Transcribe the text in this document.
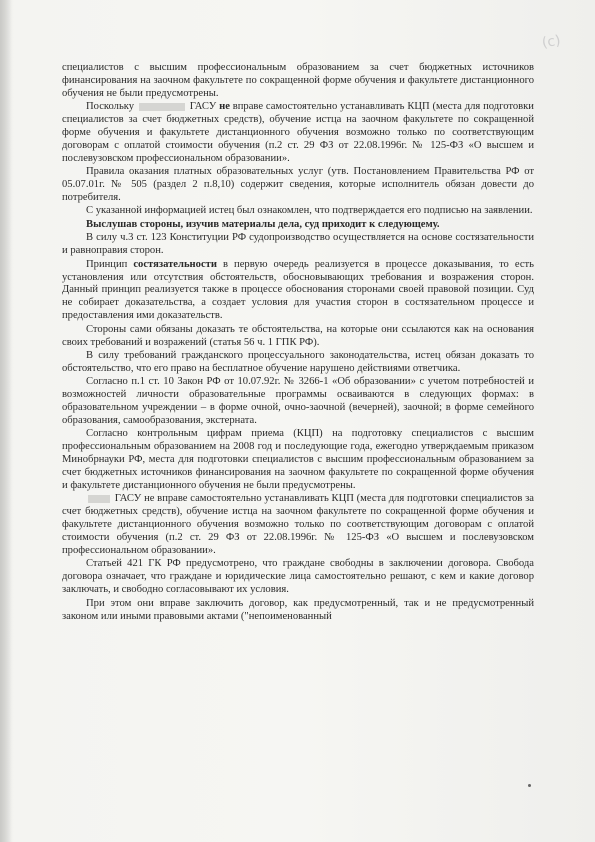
(c)

специалистов с высшим профессиональным образованием за счет бюджетных источников финансирования на заочном факультете по сокращенной форме обучения и факультете дистанционного обучения не были предусмотрены.

Поскольку	ГАСУ не вправе самостоятельно устанавливать КЦП (места для подготовки специалистов за счет бюджетных средств), обучение истца на заочном факультете по сокращенной форме обучения и факультете дистанционного обучения возможно только по соответствующим договорам с оплатой стоимости обучения (п.2 ст. 29 ФЗ от 22.08.1996г. № 125-ФЗ «О высшем и послевузовском профессиональном образовании».

Правила оказания платных образовательных услуг (утв. Постановлением Правительства РФ от 05.07.01г. № 505 (раздел 2 п.8,10) содержит сведения, которые исполнитель обязан довести до потребителя.

С указанной информацией истец был ознакомлен, что подтверждается его подписью на заявлении.

Выслушав стороны, изучив материалы дела, суд приходит к следующему.

В силу ч.3 ст. 123 Конституции РФ судопроизводство осуществляется на основе состязательности и равноправия сторон.

Принцип состязательности в первую очередь реализуется в процессе доказывания, то есть установления или отсутствия обстоятельств, обосновывающих требования и возражения сторон. Данный принцип реализуется также в процессе обоснования сторонами своей правовой позиции. Суд не собирает доказательства, а создает условия для участия сторон в состязательном процессе и предоставления ими доказательств.

Стороны сами обязаны доказать те обстоятельства, на которые они ссылаются как на основания своих требований и возражений (статья 56 ч. 1 ГПК РФ).

В силу требований гражданского процессуального законодательства, истец обязан доказать то обстоятельство, что его право на бесплатное обучение нарушено действиями ответчика.

Согласно п.1 ст. 10 Закон РФ от 10.07.92г. № 3266-1 «Об образовании» с учетом потребностей и возможностей личности образовательные программы осваиваются в следующих формах: в образовательном учреждении – в форме очной, очно-заочной (вечерней), заочной; в форме семейного образования, самообразования, экстерната.

Согласно контрольным цифрам приема (КЦП) на подготовку специалистов с высшим профессиональным образованием на 2008 год и последующие года, ежегодно утверждаемым приказом Минобрнауки РФ, места для подготовки специалистов с высшим профессиональным образованием за счет бюджетных источников финансирования на заочном факультете по сокращенной форме обучения и факультете дистанционного обучения не были предусмотрены.

ГАСУ не вправе самостоятельно устанавливать КЦП (места для подготовки специалистов за счет бюджетных средств), обучение истца на заочном факультете по сокращенной форме обучения и факультете дистанционного обучения возможно только по соответствующим договорам с оплатой стоимости обучения (п.2 ст. 29 ФЗ от 22.08.1996г. № 125-ФЗ «О высшем и послевузовском профессиональном образовании».

Статьей 421 ГК РФ предусмотрено, что граждане свободны в заключении договора. Свобода договора означает, что граждане и юридические лица самостоятельно решают, с кем и какие договор заключать, и свободно согласовывают их условия.

При этом они вправе заключить договор, как предусмотренный, так и не предусмотренный законом или иными правовыми актами ("непоименованный
